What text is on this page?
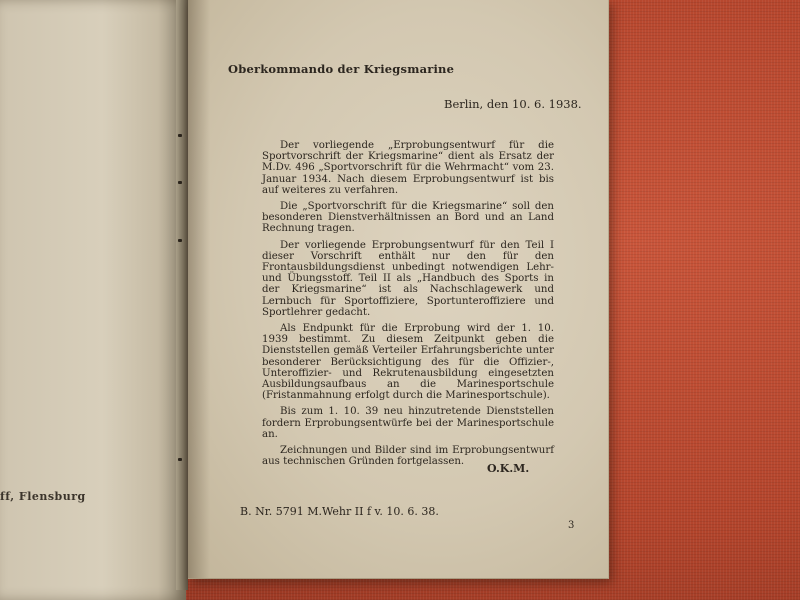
ff, Flensburg
Oberkommando der Kriegsmarine
Berlin, den 10. 6. 1938.

Der vorliegende „Erprobungsentwurf für die Sportvorschrift der Kriegsmarine“ dient als Ersatz der M.Dv. 496 „Sportvorschrift für die Wehrmacht“ vom 23. Januar 1934. Nach diesem Erprobungsentwurf ist bis auf weiteres zu verfahren.

Die „Sportvorschrift für die Kriegsmarine“ soll den besonderen Dienstverhältnissen an Bord und an Land Rechnung tragen.

Der vorliegende Erprobungsentwurf für den Teil I dieser Vorschrift enthält nur den für den Frontausbildungsdienst unbedingt notwendigen Lehr- und Übungsstoff. Teil II als „Handbuch des Sports in der Kriegsmarine“ ist als Nachschlagewerk und Lernbuch für Sportoffiziere, Sportunteroffiziere und Sportlehrer gedacht.

Als Endpunkt für die Erprobung wird der 1. 10. 1939 bestimmt. Zu diesem Zeitpunkt geben die Dienststellen gemäß Verteiler Erfahrungsberichte unter besonderer Berücksichtigung des für die Offizier-, Unteroffizier- und Rekrutenausbildung eingesetzten Ausbildungsaufbaus an die Marinesportschule (Fristanmahnung erfolgt durch die Marinesportschule).

Bis zum 1. 10. 39 neu hinzutretende Dienststellen fordern Erprobungsentwürfe bei der Marinesportschule an.

Zeichnungen und Bilder sind im Erprobungsentwurf aus technischen Gründen fortgelassen.

O.K.M.
B. Nr. 5791 M.Wehr II f v. 10. 6. 38.
3
